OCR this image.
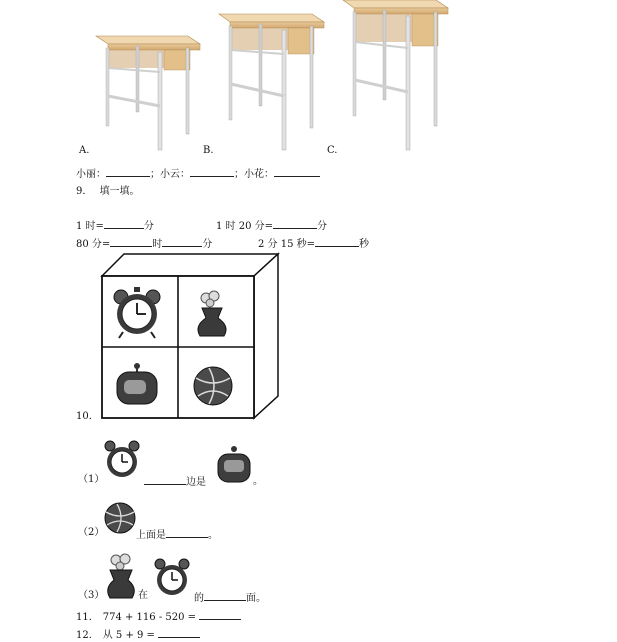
A.	B.	C.
小丽：	；小云：	；小花：
9． 填一填。
1 时=	分	1 时 20 分=	分
80 分=	时	分	2 分 15 秒=	秒
10．
（1）	边是	。
（2）	上面是	。
（3）	在	的	面。
11． 774 + 116 - 520 =
12． 从 5 + 9 =
